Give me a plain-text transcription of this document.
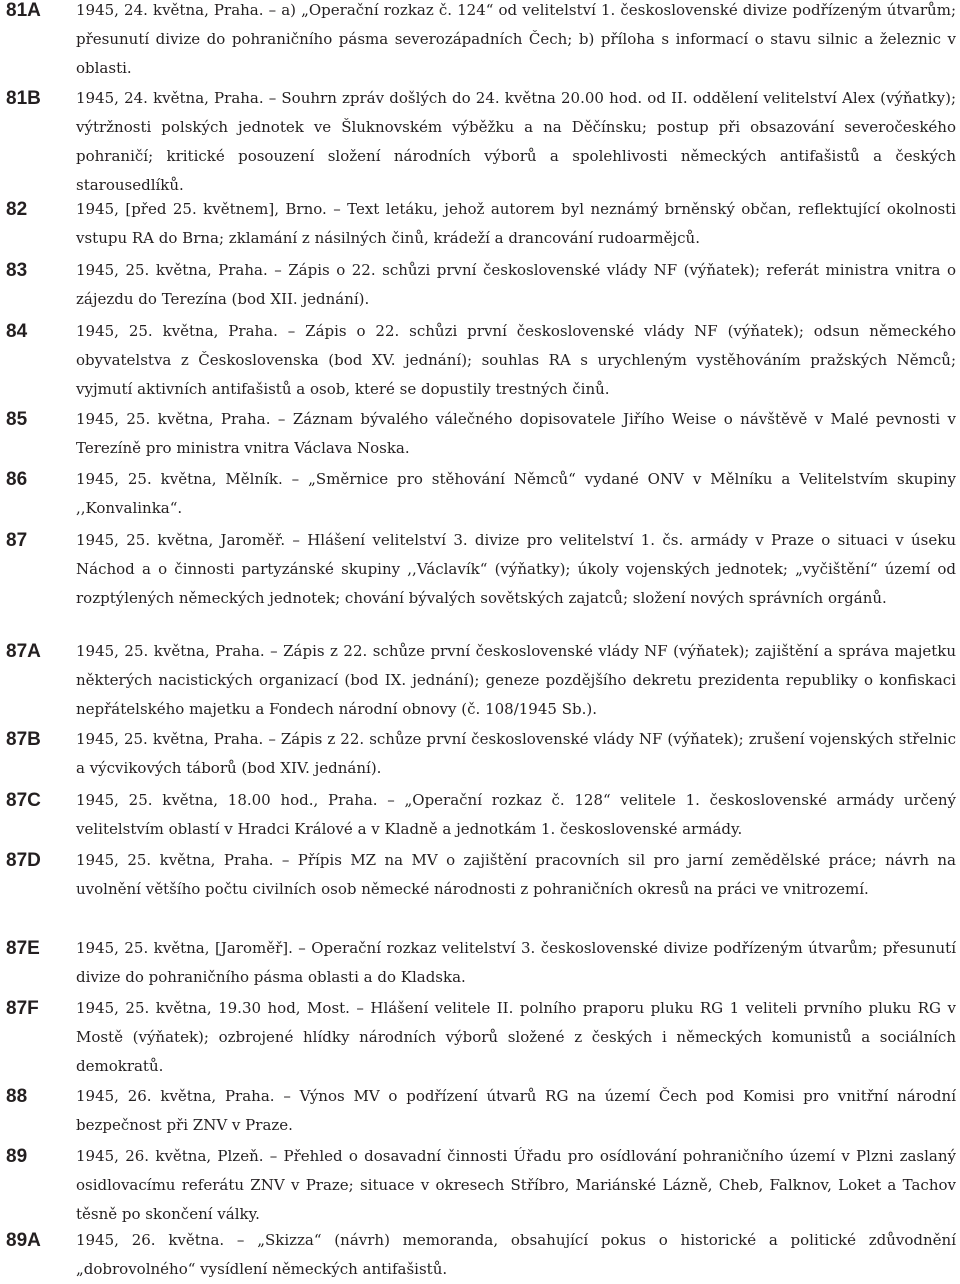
81A 1945, 24. května, Praha. – a) „Operační rozkaz č. 124“ od velitelství 1. československé divize podřízeným útvarům; přesunutí divize do pohraničního pásma severozápadních Čech; b) příloha s informací o stavu silnic a železnic v oblasti.
81B 1945, 24. května, Praha. – Souhrn zpráv došlých do 24. května 20.00 hod. od II. oddělení velitelství Alex (výňatky); výtržnosti polských jednotek ve Šluknovském výběžku a na Děčínsku; postup při obsazování severočeského pohraničí; kritické posouzení složení národních výborů a spolehlivosti německých antifašistů a českých starousedlíků.
82	1945, [před 25. květnem], Brno. – Text letáku, jehož autorem byl neznámý brněnský občan, reflektující okolnosti vstupu RA do Brna; zklamání z násilných činů, krádeží a drancování rudoarmějců.
83	1945, 25. května, Praha. – Zápis o 22. schůzi první československé vlády NF (výňatek); referát ministra vnitra o zájezdu do Terezína (bod XII. jednání).
84	1945, 25. května, Praha. – Zápis o 22. schůzi první československé vlády NF (výňatek); odsun německého obyvatelstva z Československa (bod XV. jednání); souhlas RA s urychleným vystěhováním pražských Němců; vyjmutí aktivních antifašistů a osob, které se dopustily trestných činů.
85	1945, 25. května, Praha. – Záznam bývalého válečného dopisovatele Jiřího Weise o návštěvě v Malé pevnosti v Terezíně pro ministra vnitra Václava Noska.
86	1945, 25. května, Mělník. – „Směrnice pro stěhování Němců“ vydané ONV v Mělníku a Velitelstvím skupiny ,,Konvalinka“.
87	1945, 25. května, Jaroměř. – Hlášení velitelství 3. divize pro velitelství 1. čs. armády v Praze o situaci v úseku Náchod a o činnosti partyzánské skupiny ,,Václavík“ (výňatky); úkoly vojenských jednotek; „vyčištění“ území od rozptýlených německých jednotek; chování bývalých sovětských zajatců; složení nových správních orgánů.
87A 1945, 25. května, Praha. – Zápis z 22. schůze první československé vlády NF (výňatek); zajištění a správa majetku některých nacistických organizací (bod IX. jednání); geneze pozdějšího dekretu prezidenta republiky o konfiskaci nepřátelského majetku a Fondech národní obnovy (č. 108/1945 Sb.).
87B 1945, 25. května, Praha. – Zápis z 22. schůze první československé vlády NF (výňatek); zrušení vojenských střelnic a výcvikových táborů (bod XIV. jednání).
87C 1945, 25. května, 18.00 hod., Praha. – „Operační rozkaz č. 128“ velitele 1. československé armády určený velitelstvím oblastí v Hradci Králové a v Kladně a jednotkám 1. československé armády.
87D 1945, 25. května, Praha. – Přípis MZ na MV o zajištění pracovních sil pro jarní zemědělské práce; návrh na uvolnění většího počtu civilních osob německé národnosti z pohraničních okresů na práci ve vnitrozemí.
87E 1945, 25. května, [Jaroměř]. – Operační rozkaz velitelství 3. československé divize podřízeným útvarům; přesunutí divize do pohraničního pásma oblasti a do Kladska.
87F 1945, 25. května, 19.30 hod, Most. – Hlášení velitele II. polního praporu pluku RG 1 veliteli prvního pluku RG v Mostě (výňatek); ozbrojené hlídky národních výborů složené z českých i německých komunistů a sociálních demokratů.
88	1945, 26. května, Praha. – Výnos MV o podřízení útvarů RG na území Čech pod Komisi pro vnitřní národní bezpečnost při ZNV v Praze.
89	1945, 26. května, Plzeň. – Přehled o dosavadní činnosti Úřadu pro osídlování pohraničního území v Plzni zaslaný osidlovacímu referátu ZNV v Praze; situace v okresech Stříbro, Mariánské Lázně, Cheb, Falknov, Loket a Tachov těsně po skončení války.
89A 1945, 26. května. – „Skizza“ (návrh) memoranda, obsahující pokus o historické a politické zdůvodnění „dobrovolného“ vysídlení německých antifašistů.
